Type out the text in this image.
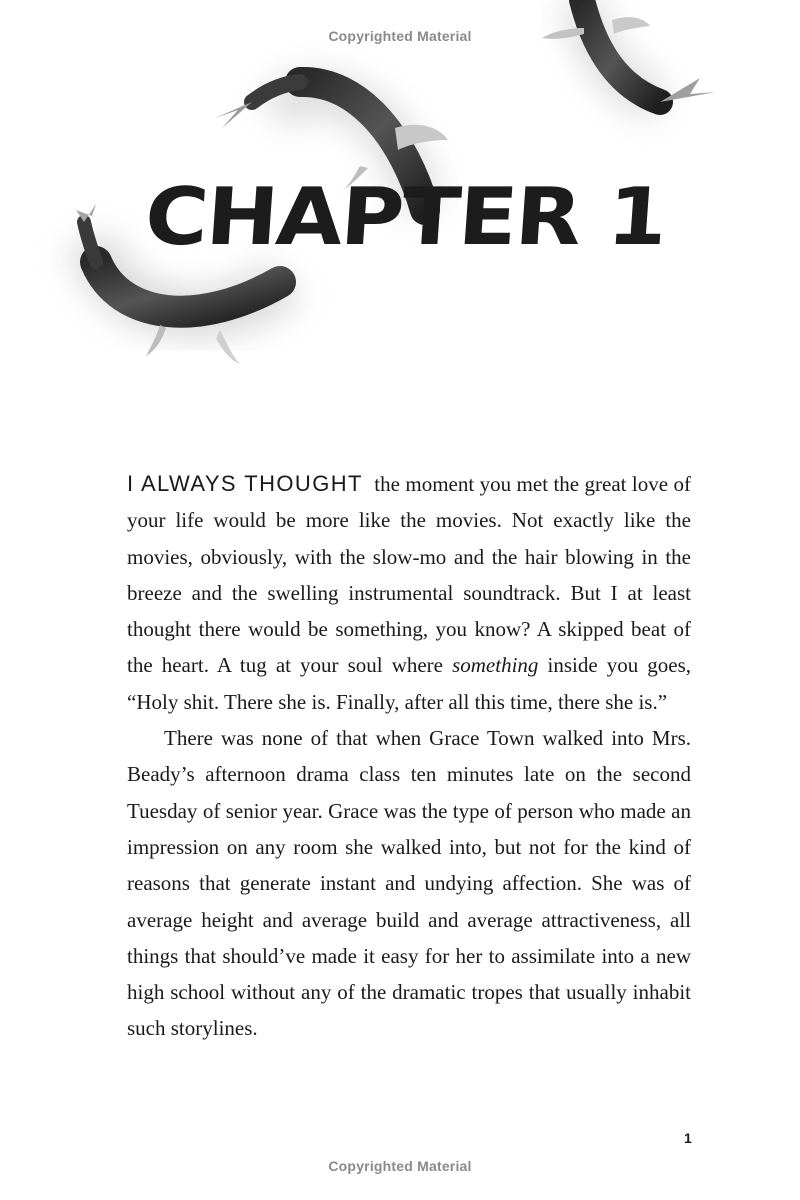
Copyrighted Material
CHAPTER 1

I ALWAYS THOUGHT the moment you met the great love of your life would be more like the movies. Not exactly like the movies, obviously, with the slow-mo and the hair blowing in the breeze and the swelling instrumental soundtrack. But I at least thought there would be something, you know? A skipped beat of the heart. A tug at your soul where something inside you goes, “Holy shit. There she is. Finally, after all this time, there she is.”

There was none of that when Grace Town walked into Mrs. Beady’s afternoon drama class ten minutes late on the second Tuesday of senior year. Grace was the type of person who made an impression on any room she walked into, but not for the kind of reasons that generate instant and undying affection. She was of average height and average build and average attractiveness, all things that should’ve made it easy for her to assimilate into a new high school without any of the dramatic tropes that usually inhabit such storylines.

1
Copyrighted Material
